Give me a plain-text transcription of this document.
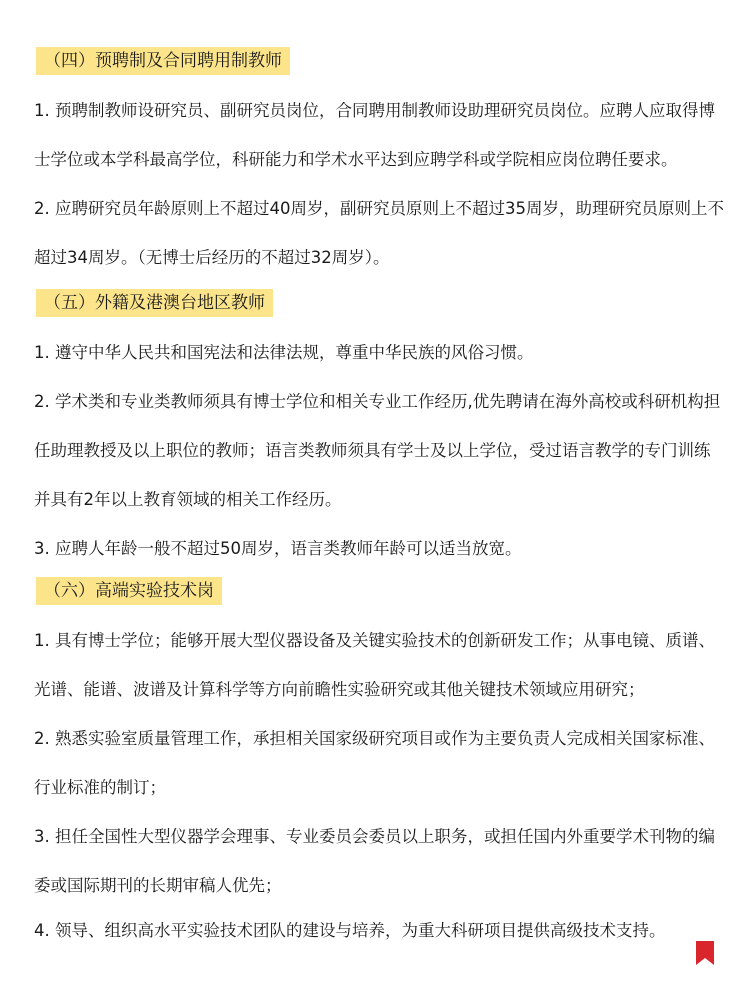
（四）预聘制及合同聘用制教师

1. 预聘制教师设研究员、副研究员岗位，合同聘用制教师设助理研究员岗位。应聘人应取得博士学位或本学科最高学位，科研能力和学术水平达到应聘学科或学院相应岗位聘任要求。

2. 应聘研究员年龄原则上不超过40周岁，副研究员原则上不超过35周岁，助理研究员原则上不超过34周岁。（无博士后经历的不超过32周岁）。

（五）外籍及港澳台地区教师

1. 遵守中华人民共和国宪法和法律法规，尊重中华民族的风俗习惯。

2. 学术类和专业类教师须具有博士学位和相关专业工作经历,优先聘请在海外高校或科研机构担任助理教授及以上职位的教师；语言类教师须具有学士及以上学位，受过语言教学的专门训练并具有2年以上教育领域的相关工作经历。

3. 应聘人年龄一般不超过50周岁，语言类教师年龄可以适当放宽。

（六）高端实验技术岗

1. 具有博士学位；能够开展大型仪器设备及关键实验技术的创新研发工作；从事电镜、质谱、光谱、能谱、波谱及计算科学等方向前瞻性实验研究或其他关键技术领域应用研究；

2. 熟悉实验室质量管理工作，承担相关国家级研究项目或作为主要负责人完成相关国家标准、行业标准的制订；

3. 担任全国性大型仪器学会理事、专业委员会委员以上职务，或担任国内外重要学术刊物的编委或国际期刊的长期审稿人优先；

4. 领导、组织高水平实验技术团队的建设与培养，为重大科研项目提供高级技术支持。
